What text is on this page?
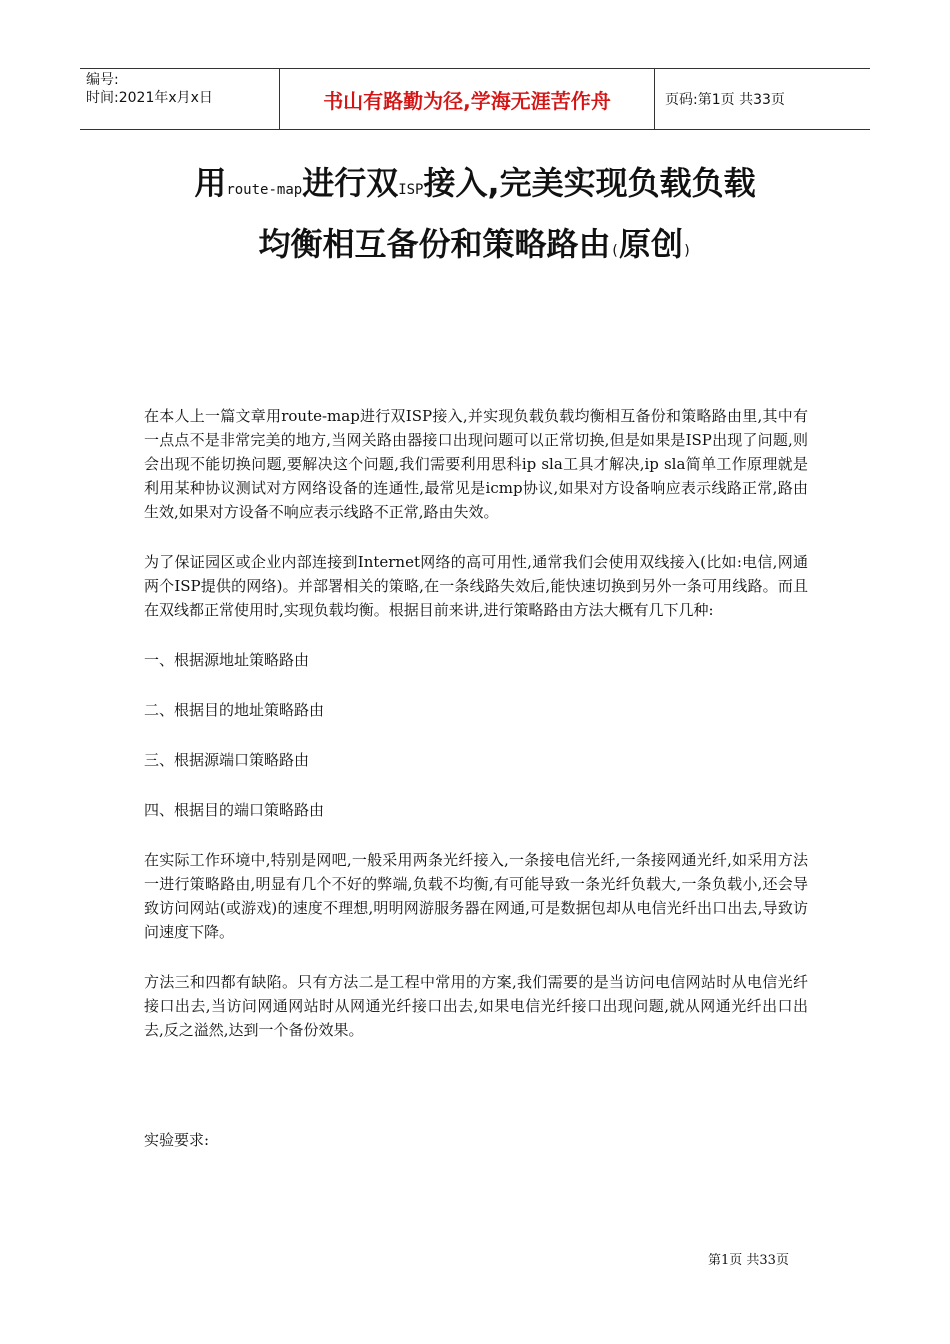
编号:
时间:2021年x月x日	书山有路勤为径,学海无涯苦作舟	页码:第1页 共33页
用route-map进行双ISP接入,完美实现负载负载
均衡相互备份和策略路由(原创)

在本人上一篇文章用route-map进行双ISP接入,并实现负载负载均衡相互备份和策略路由里,其中有一点点不是非常完美的地方,当网关路由器接口出现问题可以正常切换,但是如果是ISP出现了问题,则会出现不能切换问题,要解决这个问题,我们需要利用思科ip sla工具才解决,ip sla简单工作原理就是利用某种协议测试对方网络设备的连通性,最常见是icmp协议,如果对方设备响应表示线路正常,路由生效,如果对方设备不响应表示线路不正常,路由失效。

为了保证园区或企业内部连接到Internet网络的高可用性,通常我们会使用双线接入(比如:电信,网通两个ISP提供的网络)。并部署相关的策略,在一条线路失效后,能快速切换到另外一条可用线路。而且在双线都正常使用时,实现负载均衡。根据目前来讲,进行策略路由方法大概有几下几种:

一、根据源地址策略路由

二、根据目的地址策略路由

三、根据源端口策略路由

四、根据目的端口策略路由

在实际工作环境中,特别是网吧,一般采用两条光纤接入,一条接电信光纤,一条接网通光纤,如采用方法一进行策略路由,明显有几个不好的弊端,负载不均衡,有可能导致一条光纤负载大,一条负载小,还会导致访问网站(或游戏)的速度不理想,明明网游服务器在网通,可是数据包却从电信光纤出口出去,导致访问速度下降。

方法三和四都有缺陷。只有方法二是工程中常用的方案,我们需要的是当访问电信网站时从电信光纤接口出去,当访问网通网站时从网通光纤接口出去,如果电信光纤接口出现问题,就从网通光纤出口出去,反之溢然,达到一个备份效果。

实验要求:

第1页 共33页
